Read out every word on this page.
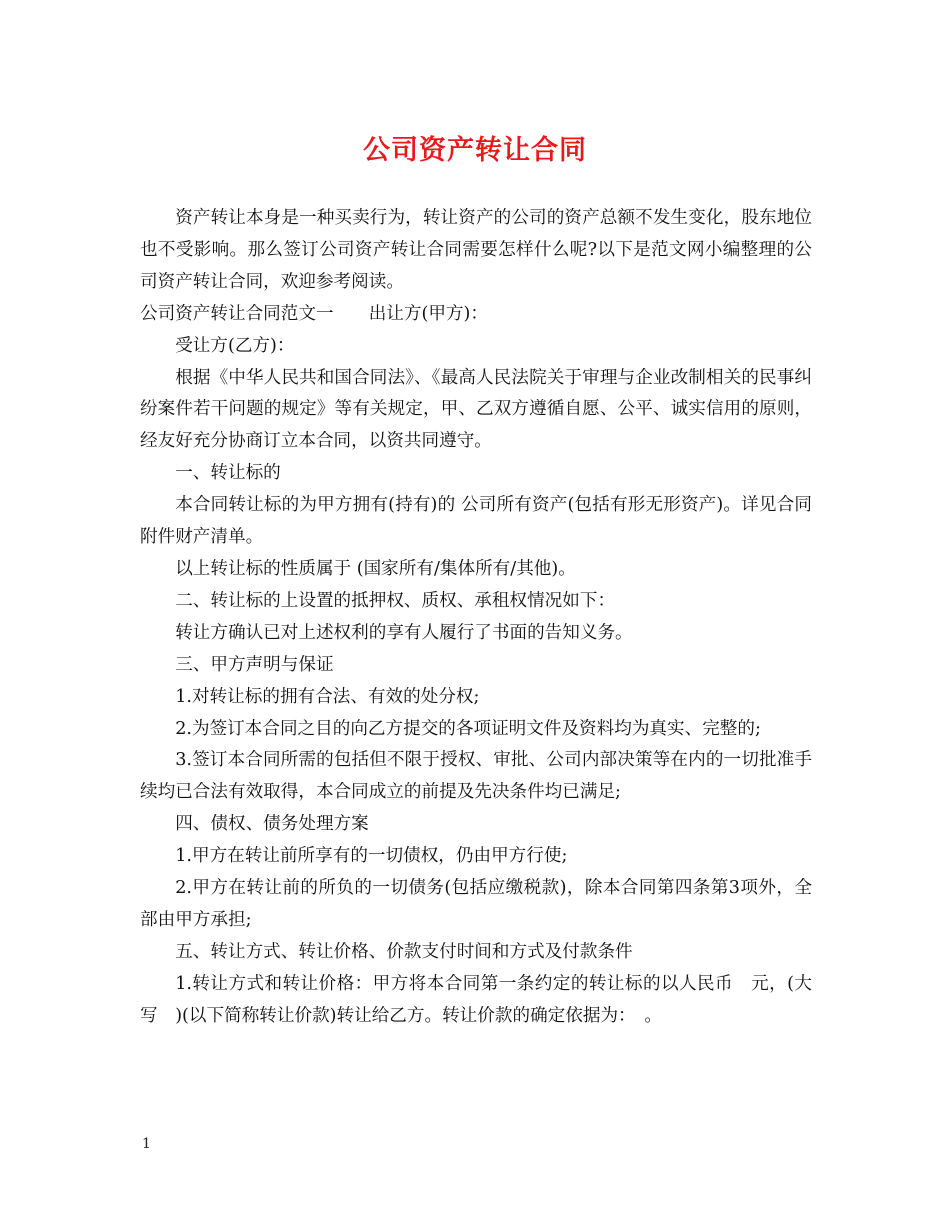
公司资产转让合同

资产转让本身是一种买卖行为，转让资产的公司的资产总额不发生变化，股东地位也不受影响。那么签订公司资产转让合同需要怎样什么呢?以下是范文网小编整理的公司资产转让合同，欢迎参考阅读。

公司资产转让合同范文一　　出让方(甲方)：

受让方(乙方)：

根据《中华人民共和国合同法》、《最高人民法院关于审理与企业改制相关的民事纠纷案件若干问题的规定》等有关规定，甲、乙双方遵循自愿、公平、诚实信用的原则，经友好充分协商订立本合同，以资共同遵守。

一、转让标的

本合同转让标的为甲方拥有(持有)的 公司所有资产(包括有形无形资产)。详见合同附件财产清单。

以上转让标的性质属于 (国家所有/集体所有/其他)。

二、转让标的上设置的抵押权、质权、承租权情况如下：

转让方确认已对上述权利的享有人履行了书面的告知义务。

三、甲方声明与保证

1.对转让标的拥有合法、有效的处分权;

2.为签订本合同之目的向乙方提交的各项证明文件及资料均为真实、完整的;

3.签订本合同所需的包括但不限于授权、审批、公司内部决策等在内的一切批准手续均已合法有效取得，本合同成立的前提及先决条件均已满足;

四、债权、债务处理方案

1.甲方在转让前所享有的一切债权，仍由甲方行使;

2.甲方在转让前的所负的一切债务(包括应缴税款)，除本合同第四条第3项外，全部由甲方承担;

五、转让方式、转让价格、价款支付时间和方式及付款条件

1.转让方式和转让价格：甲方将本合同第一条约定的转让标的以人民币　元，(大写　)(以下简称转让价款)转让给乙方。转让价款的确定依据为：　。

1
